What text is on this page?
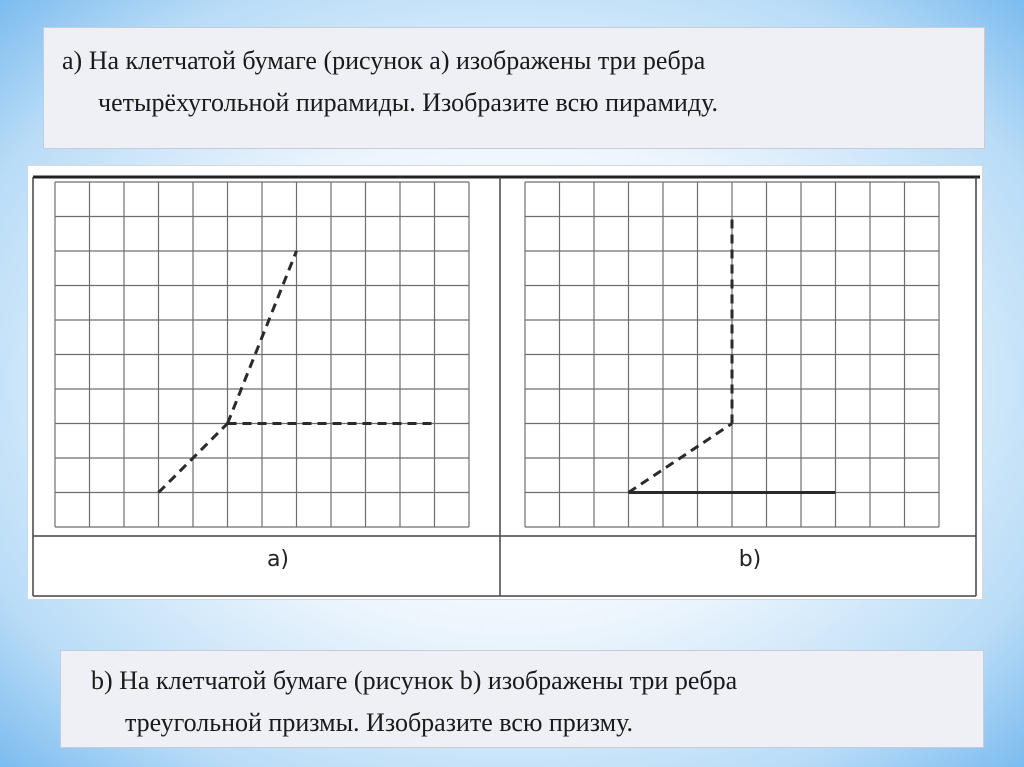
a) На клетчатой бумаге (рисунок а) изображены три ребра
четырёхугольной пирамиды. Изобразите всю пирамиду.
а)	b)
b) На клетчатой бумаге (рисунок b) изображены три ребра
треугольной призмы. Изобразите всю призму.
